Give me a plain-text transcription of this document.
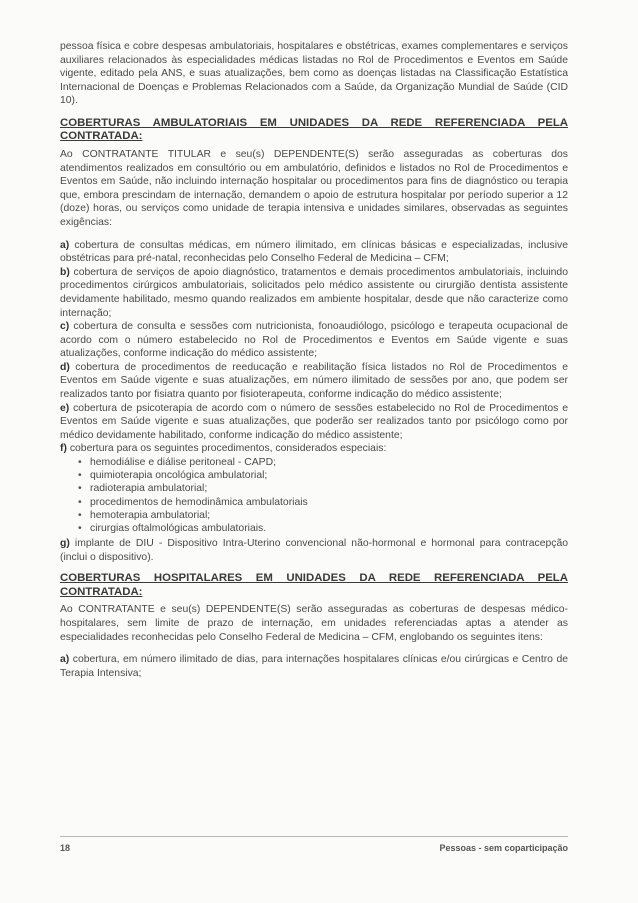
pessoa física e cobre despesas ambulatoriais, hospitalares e obstétricas, exames complementares e serviços auxiliares relacionados às especialidades médicas listadas no Rol de Procedimentos e Eventos em Saúde vigente, editado pela ANS, e suas atualizações, bem como as doenças listadas na Classificação Estatística Internacional de Doenças e Problemas Relacionados com a Saúde, da Organização Mundial de Saúde (CID 10).

COBERTURAS AMBULATORIAIS EM UNIDADES DA REDE REFERENCIADA PELA CONTRATADA:

Ao CONTRATANTE TITULAR e seu(s) DEPENDENTE(S) serão asseguradas as coberturas dos atendimentos realizados em consultório ou em ambulatório, definidos e listados no Rol de Procedimentos e Eventos em Saúde, não incluindo internação hospitalar ou procedimentos para fins de diagnóstico ou terapia que, embora prescindam de internação, demandem o apoio de estrutura hospitalar por período superior a 12 (doze) horas, ou serviços como unidade de terapia intensiva e unidades similares, observadas as seguintes exigências:

a) cobertura de consultas médicas, em número ilimitado, em clínicas básicas e especializadas, inclusive obstétricas para pré-natal, reconhecidas pelo Conselho Federal de Medicina – CFM;
b) cobertura de serviços de apoio diagnóstico, tratamentos e demais procedimentos ambulatoriais, incluindo procedimentos cirúrgicos ambulatoriais, solicitados pelo médico assistente ou cirurgião dentista assistente devidamente habilitado, mesmo quando realizados em ambiente hospitalar, desde que não caracterize como internação;
c) cobertura de consulta e sessões com nutricionista, fonoaudiólogo, psicólogo e terapeuta ocupacional de acordo com o número estabelecido no Rol de Procedimentos e Eventos em Saúde vigente e suas atualizações, conforme indicação do médico assistente;
d) cobertura de procedimentos de reeducação e reabilitação física listados no Rol de Procedimentos e Eventos em Saúde vigente e suas atualizações, em número ilimitado de sessões por ano, que podem ser realizados tanto por fisiatra quanto por fisioterapeuta, conforme indicação do médico assistente;
e) cobertura de psicoterapia de acordo com o número de sessões estabelecido no Rol de Procedimentos e Eventos em Saúde vigente e suas atualizações, que poderão ser realizados tanto por psicólogo como por médico devidamente habilitado, conforme indicação do médico assistente;
f) cobertura para os seguintes procedimentos, considerados especiais:
• hemodiálise e diálise peritoneal - CAPD;
• quimioterapia oncológica ambulatorial;
• radioterapia ambulatorial;
• procedimentos de hemodinâmica ambulatoriais
• hemoterapia ambulatorial;
• cirurgias oftalmológicas ambulatoriais.
g) implante de DIU - Dispositivo Intra-Uterino convencional não-hormonal e hormonal para contracepção (inclui o dispositivo).
COBERTURAS HOSPITALARES EM UNIDADES DA REDE REFERENCIADA PELA CONTRATADA:

Ao CONTRATANTE e seu(s) DEPENDENTE(S) serão asseguradas as coberturas de despesas médico-hospitalares, sem limite de prazo de internação, em unidades referenciadas aptas a atender as especialidades reconhecidas pelo Conselho Federal de Medicina – CFM, englobando os seguintes itens:

a) cobertura, em número ilimitado de dias, para internações hospitalares clínicas e/ou cirúrgicas e Centro de Terapia Intensiva;
18	Pessoas - sem coparticipação
